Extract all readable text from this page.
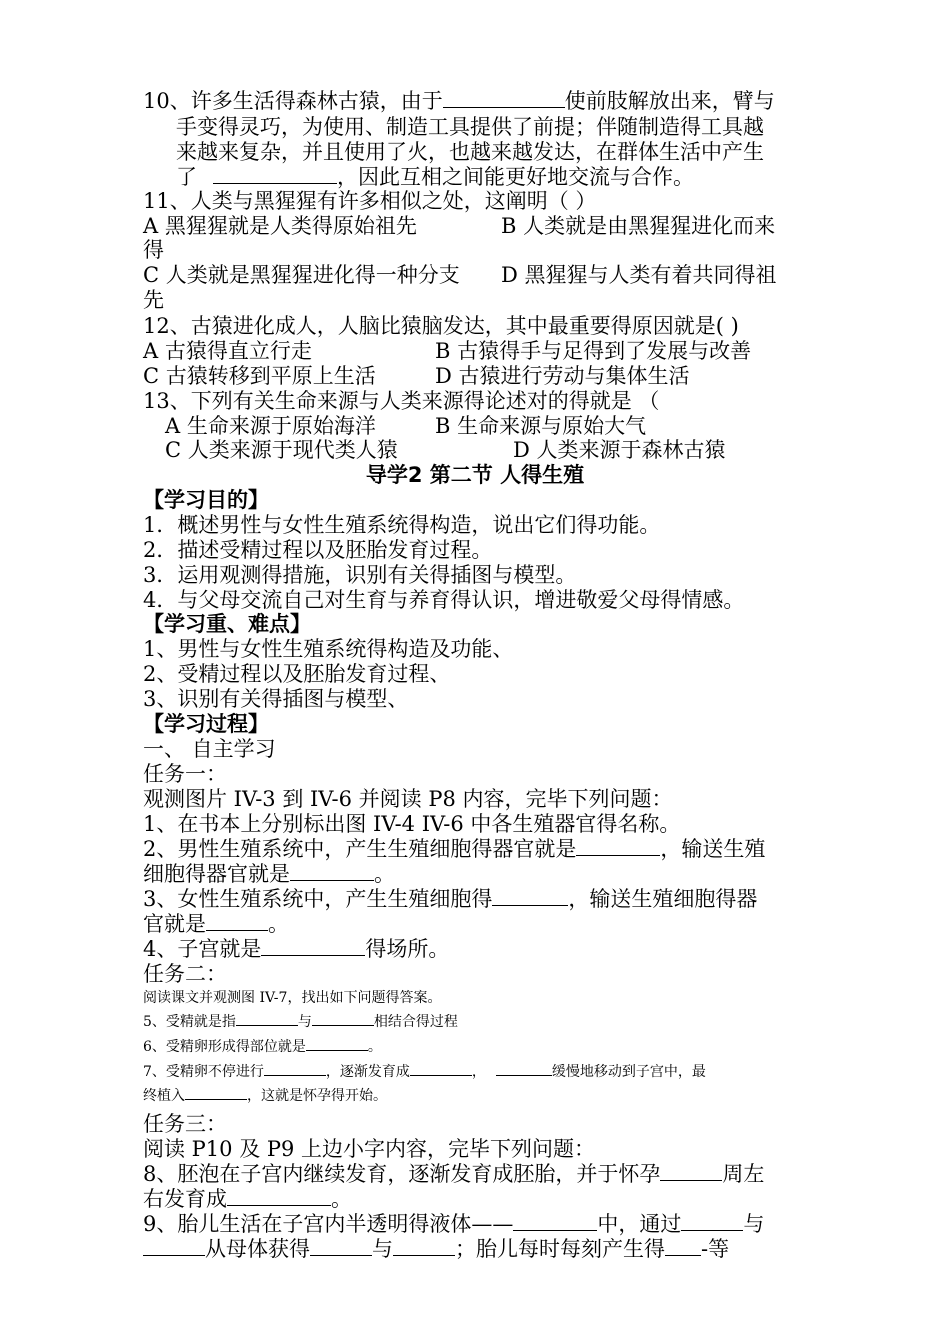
10、许多生活得森林古猿，由于	使前肢解放出来，臂与
手变得灵巧，为使用、制造工具提供了前提；伴随制造得工具越
来越来复杂，并且使用了火，也越来越发达，在群体生活中产生
了	，因此互相之间能更好地交流与合作。
11、人类与黑猩猩有许多相似之处，这阐明（ ）
A 黑猩猩就是人类得原始祖先	B 人类就是由黑猩猩进化而来
得
C 人类就是黑猩猩进化得一种分支 D 黑猩猩与人类有着共同得祖
先
12、古猿进化成人，人脑比猿脑发达，其中最重要得原因就是( )
A 古猿得直立行走	B 古猿得手与足得到了发展与改善
C 古猿转移到平原上生活	D 古猿进行劳动与集体生活
13、下列有关生命来源与人类来源得论述对的得就是 （
A 生命来源于原始海洋	B 生命来源与原始大气
C 人类来源于现代类人猿	D 人类来源于森林古猿
导学2 第二节 人得生殖
【学习目的】
1．概述男性与女性生殖系统得构造，说出它们得功能。
2．描述受精过程以及胚胎发育过程。
3．运用观测得措施，识别有关得插图与模型。
4．与父母交流自己对生育与养育得认识，增进敬爱父母得情感。
【学习重、难点】
1、男性与女性生殖系统得构造及功能、
2、受精过程以及胚胎发育过程、
3、识别有关得插图与模型、
【学习过程】
一、 自主学习
任务一：
观测图片 IV-3 到 IV-6 并阅读 P8 内容，完毕下列问题：
1、在书本上分别标出图 IV-4 IV-6 中各生殖器官得名称。
2、男性生殖系统中，产生生殖细胞得器官就是	，输送生殖
细胞得器官就是	。
3、女性生殖系统中，产生生殖细胞得	，输送生殖细胞得器
官就是	。
4、子宫就是	得场所。
任务二：
阅读课文并观测图 IV-7，找出如下问题得答案。
5、受精就是指	与	相结合得过程
6、受精卵形成得部位就是	。
7、受精卵不停进行	，逐渐发育成	，	缓慢地移动到子宫中，最
终植入	，这就是怀孕得开始。
任务三：
阅读 P10 及 P9 上边小字内容，完毕下列问题：
8、胚泡在子宫内继续发育，逐渐发育成胚胎，并于怀孕	周左
右发育成	。
9、胎儿生活在子宫内半透明得液体——	中，通过	与
从母体获得	与	；胎儿每时每刻产生得 -等
